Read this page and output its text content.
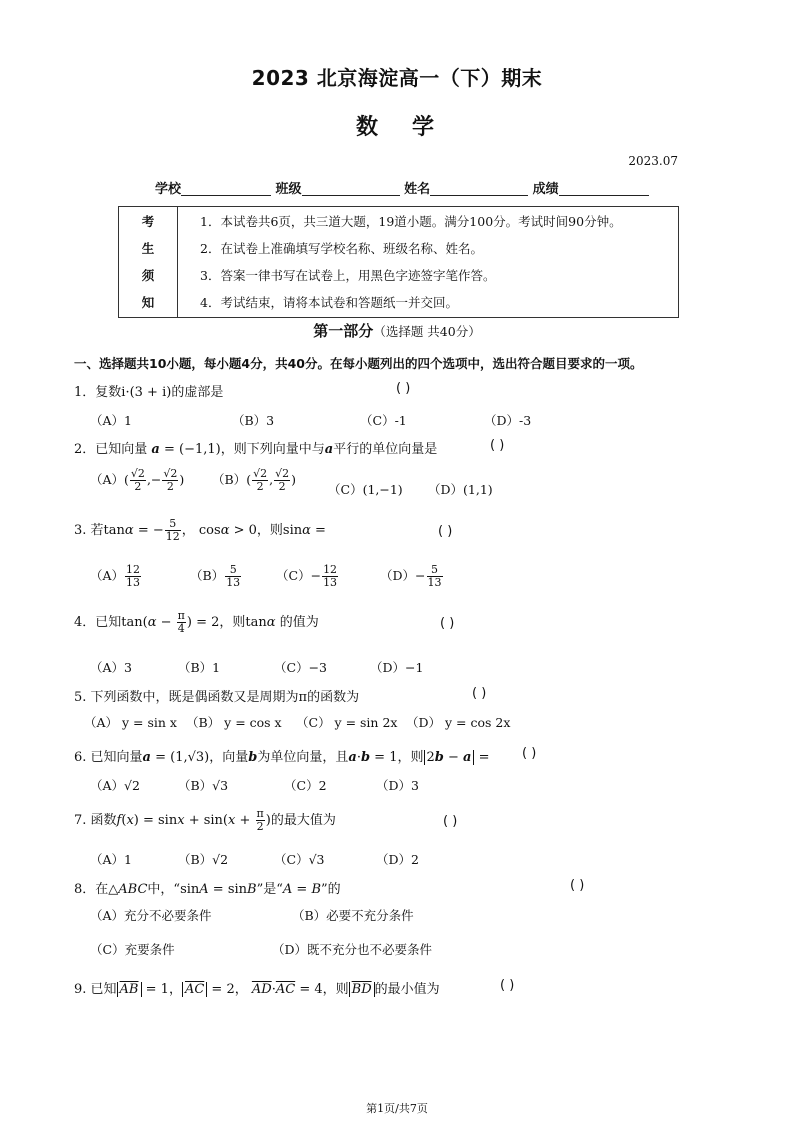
2023 北京海淀高一（下）期末
数学
2023.07
学校	班级	姓名	成绩
考
生
须
知

1．本试卷共6页，共三道大题，19道小题。满分100分。考试时间90分钟。
2．在试卷上准确填写学校名称、班级名称、姓名。
3．答案一律书写在试卷上，用黑色字迹签字笔作答。
4．考试结束，请将本试卷和答题纸一并交回。
第一部分（选择题 共40分）
一、选择题共10小题，每小题4分，共40分。在每小题列出的四个选项中，选出符合题目要求的一项。
1．复数i·(3 + i)的虚部是	( )
（A）1	（B）3	（C）-1	（D）-3
2．已知向量 a = (−1,1)，则下列向量中与a平行的单位向量是	( )
$(A)( \frac{√2}{2}$ ,− $\frac{√2}{2}$ ) $(B)( \frac{√2}{2}$ , $\frac{√2}{2}$ )
（C）(1,−1) （D）(1,1)
3. 若tanα = − $\frac{5}{12}$ ， cosα > 0，则sinα =	( )
$(A) \frac{12}{13}$	$(B) \frac{5}{13}$	$(C)- \frac{12}{13}$	$(D)- \frac{5}{13}$
4．已知$\tan(\alpha - \frac{\pi}{4}$ ) = 2，则tanα 的值为	( )
（A）3	（B）1	（C）−3	（D）−1
5. 下列函数中，既是偶函数又是周期为π的函数为	( )
（A） y = sin x （B） y = cos x （C） y = sin 2x （D） y = cos 2x
6. 已知向量a = (1,√3)，向量b为单位向量，且a·b = 1，则 2b − a = ( )
（A）√2	（B）√3	（C）2	（D）3
7. 函数$f(x) = \sin x + \sin(x + \frac{\pi}{2}$ )的最大值为	( )
（A）1	（B）√2	（C）√3	（D）2
8．在△ABC中，“sinA = sinB”是“A = B”的	( )
（A）充分不必要条件	（B）必要不充分条件
（C）充要条件	（D）既不充分也不必要条件
9. 已知 $\overline{AB} = 1$， $\overline{AC} = 2$， $\overline{AD}\cdot\overline{AC} = 4$，则 $\overline{BD}$ 的最小值为	( )
第1页/共7页
